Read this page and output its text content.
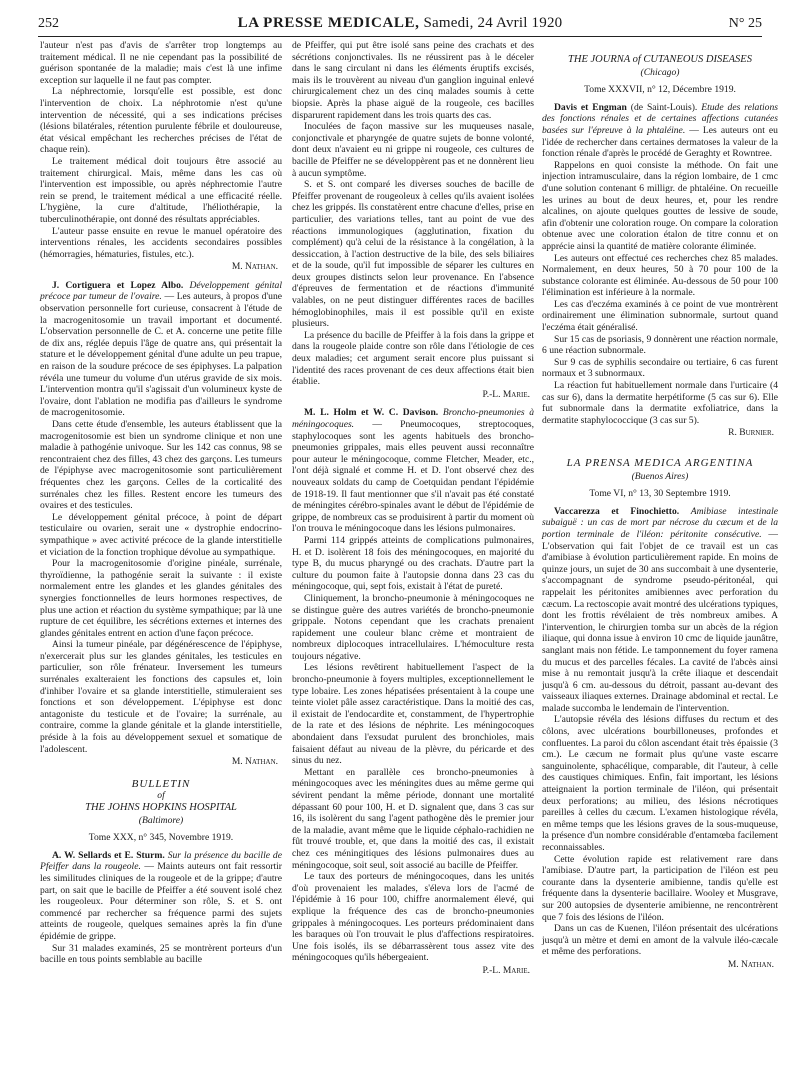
252	LA PRESSE MEDICALE, Samedi, 24 Avril 1920	N° 25

l'auteur n'est pas d'avis de s'arrêter trop longtemps au traitement médical. Il ne nie cependant pas la possibilité de guérison spontanée de la maladie; mais c'est là une infime exception sur laquelle il ne faut pas compter.

La néphrectomie, lorsqu'elle est possible, est donc l'intervention de choix. La néphrotomie n'est qu'une intervention de nécessité, qui a ses indications précises (lésions bilatérales, rétention purulente fébrile et douloureuse, état vésical empêchant les recherches précises de l'état de chaque rein).

Le traitement médical doit toujours être associé au traitement chirurgical. Mais, même dans les cas où l'intervention est impossible, ou après néphrectomie l'autre rein se prend, le traitement médical a une efficacité réelle. L'hygiène, la cure d'altitude, l'héliothérapie, la tuberculinothérapie, ont donné des résultats appréciables.

L'auteur passe ensuite en revue le manuel opératoire des interventions rénales, les accidents secondaires possibles (hémorragies, hématuries, fistules, etc.).

M. Nathan.

J. Cortiguera et Lopez Albo. Développement génital précoce par tumeur de l'ovaire. — Les auteurs, à propos d'une observation personnelle fort curieuse, consacrent à l'étude de la macrogenitosomie un travail important et documenté. L'observation personnelle de C. et A. concerne une petite fille de dix ans, réglée depuis l'âge de quatre ans, qui présentait la stature et le développement génital d'une adulte un peu trapue, en raison de la soudure précoce de ses épiphyses. La palpation révéla une tumeur du volume d'un utérus gravide de six mois. L'intervention montra qu'il s'agissait d'un volumineux kyste de l'ovaire, dont l'ablation ne modifia pas d'ailleurs le syndrome de macrogenitosomie.

Dans cette étude d'ensemble, les auteurs établissent que la macrogenitosomie est bien un syndrome clinique et non une maladie à pathogénie univoque. Sur les 142 cas connus, 98 se rencontraient chez des filles, 43 chez des garçons. Les tumeurs de l'épiphyse avec macrogenitosomie sont particulièrement fréquentes chez les garçons. Celles de la corticalité des surrénales chez les filles. Restent encore les tumeurs des ovaires et des testicules.

Le développement génital précoce, à point de départ testiculaire ou ovarien, serait une « dystrophie endocrino-sympathique » avec activité précoce de la glande interstitielle et viciation de la fonction trophique dévolue au sympathique.

Pour la macrogenitosomie d'origine pinéale, surrénale, thyroïdienne, la pathogénie serait la suivante : il existe normalement entre les glandes et les glandes génitales des synergies fonctionnelles de leurs hormones respectives, de plus une action et réaction du système sympathique; par là une rupture de cet équilibre, les sécrétions externes et internes des glandes génitales entrent en action d'une façon précoce.

Ainsi la tumeur pinéale, par dégénérescence de l'épiphyse, n'exercerait plus sur les glandes génitales, les testicules en particulier, son rôle frénateur. Inversement les tumeurs surrénales exalteraient les fonctions des capsules et, loin d'inhiber l'ovaire et sa glande interstitielle, stimuleraient ses fonctions et son développement. L'épiphyse est donc antagoniste du testicule et de l'ovaire; la surrénale, au contraire, comme la glande génitale et la glande interstitielle, préside à la fois au développement sexuel et somatique de l'adolescent.

M. Nathan.
BULLETIN
of
THE JOHNS HOPKINS HOSPITAL
(Baltimore)
Tome XXX, n° 345, Novembre 1919.

A. W. Sellards et E. Sturm. Sur la présence du bacille de Pfeiffer dans la rougeole. — Maints auteurs ont fait ressortir les similitudes cliniques de la rougeole et de la grippe; d'autre part, on sait que le bacille de Pfeiffer a été souvent isolé chez les rougeoleux. Pour déterminer son rôle, S. et S. ont commencé par rechercher sa fréquence parmi des sujets atteints de rougeole, quelques semaines après la fin d'une épidémie de grippe.

Sur 31 malades examinés, 25 se montrèrent porteurs d'un bacille en tous points semblable au bacille

de Pfeiffer, qui put être isolé sans peine des crachats et des sécrétions conjonctivales. Ils ne réussirent pas à le déceler dans le sang circulant ni dans les éléments éruptifs excisés, mais ils le trouvèrent au niveau d'un ganglion inguinal enlevé chirurgicalement chez un des cinq malades soumis à cette biopsie. Après la phase aiguë de la rougeole, ces bacilles disparurent rapidement dans les trois quarts des cas.

Inoculées de façon massive sur les muqueuses nasale, conjonctivale et pharyngée de quatre sujets de bonne volonté, dont deux n'avaient eu ni grippe ni rougeole, ces cultures de bacille de Pfeiffer ne se développèrent pas et ne donnèrent lieu à aucun symptôme.

S. et S. ont comparé les diverses souches de bacille de Pfeiffer provenant de rougeoleux à celles qu'ils avaient isolées chez les grippés. Ils constatèrent entre chacune d'elles, prise en particulier, des variations telles, tant au point de vue des réactions immunologiques (agglutination, fixation du complément) qu'à celui de la résistance à la congélation, à la dessiccation, à l'action destructive de la bile, des sels biliaires et de la soude, qu'il fut impossible de séparer les cultures en deux groupes distincts selon leur provenance. En l'absence d'épreuves de fermentation et de réactions d'immunité valables, on ne peut distinguer différentes races de bacilles hémoglobinophiles, mais il est possible qu'il en existe plusieurs.

La présence du bacille de Pfeiffer à la fois dans la grippe et dans la rougeole plaide contre son rôle dans l'étiologie de ces deux maladies; cet argument serait encore plus puissant si l'identité des races provenant de ces deux affections était bien établie.

P.-L. Marie.

M. L. Holm et W. C. Davison. Broncho-pneumonies à méningocoques. — Pneumocoques, streptocoques, staphylocoques sont les agents habituels des broncho-pneumonies grippales, mais elles peuvent aussi reconnaître pour auteur le méningocoque, comme Fletcher, Meader, etc., l'ont déjà signalé et comme H. et D. l'ont observé chez des nouveaux soldats du camp de Coetquidan pendant l'épidémie de 1918-19. Il faut mentionner que s'il n'avait pas été constaté de méningites cérébro-spinales avant le début de l'épidémie de grippe, de nombreux cas se produisirent à partir du moment où l'on trouva le méningocoque dans les lésions pulmonaires.

Parmi 114 grippés atteints de complications pulmonaires, H. et D. isolèrent 18 fois des méningocoques, en majorité du type B, du mucus pharyngé ou des crachats. D'autre part la culture du poumon faite à l'autopsie donna dans 23 cas du méningocoque, qui, sept fois, existait à l'état de pureté.

Cliniquement, la broncho-pneumonie à méningocoques ne se distingue guère des autres variétés de broncho-pneumonie grippale. Notons cependant que les crachats prenaient rapidement une couleur blanc crème et montraient de nombreux diplocoques intracellulaires. L'hémoculture resta toujours négative.

Les lésions revêtirent habituellement l'aspect de la broncho-pneumonie à foyers multiples, exceptionnellement le type lobaire. Les zones hépatisées présentaient à la coupe une teinte violet pâle assez caractéristique. Dans la moitié des cas, il existait de l'endocardite et, constamment, de l'hypertrophie de la rate et des lésions de néphrite. Les méningocoques abondaient dans l'exsudat purulent des bronchioles, mais faisaient défaut au niveau de la plèvre, du péricarde et des sinus du nez.

Mettant en parallèle ces broncho-pneumonies à méningocoques avec les méningites dues au même germe qui sévirent pendant la même période, donnant une mortalité dépassant 60 pour 100, H. et D. signalent que, dans 3 cas sur 16, ils isolèrent du sang l'agent pathogène dès le premier jour de la maladie, avant même que le liquide céphalo-rachidien ne fût trouvé trouble, et, que dans la moitié des cas, il existait chez ces méningitiques des lésions pulmonaires dues au méningocoque, soit seul, soit associé au bacille de Pfeiffer.

Le taux des porteurs de méningocoques, dans les unités d'où provenaient les malades, s'éleva lors de l'acmé de l'épidémie à 16 pour 100, chiffre anormalement élevé, qui explique la fréquence des cas de broncho-pneumonies grippales à méningocoques. Les porteurs prédominaient dans les baraques où l'on trouvait le plus d'affections respiratoires. Une fois isolés, ils se débarrassèrent tous assez vite des méningocoques qu'ils hébergeaient.

P.-L. Marie.
THE JOURNA of CUTANEOUS DISEASES
(Chicago)
Tome XXXVII, n° 12, Décembre 1919.

Davis et Engman (de Saint-Louis). Etude des relations des fonctions rénales et de certaines affections cutanées basées sur l'épreuve à la phtaléine. — Les auteurs ont eu l'idée de rechercher dans certaines dermatoses la valeur de la fonction rénale d'après le procédé de Geraghty et Rowntree.

Rappelons en quoi consiste la méthode. On fait une injection intramusculaire, dans la région lombaire, de 1 cmc d'une solution contenant 6 milligr. de phtaléine. On recueille les urines au bout de deux heures, et, pour les rendre alcalines, on ajoute quelques gouttes de lessive de soude, afin d'obtenir une coloration rouge. On compare la coloration obtenue avec une coloration étalon de titre connu et on apprécie ainsi la quantité de matière colorante éliminée.

Les auteurs ont effectué ces recherches chez 85 malades. Normalement, en deux heures, 50 à 70 pour 100 de la substance colorante est éliminée. Au-dessous de 50 pour 100 l'élimination est inférieure à la normale.

Les cas d'eczéma examinés à ce point de vue montrèrent ordinairement une élimination subnormale, surtout quand l'eczéma était généralisé.

Sur 15 cas de psoriasis, 9 donnèrent une réaction normale, 6 une réaction subnormale.

Sur 9 cas de syphilis secondaire ou tertiaire, 6 cas furent normaux et 3 subnormaux.

La réaction fut habituellement normale dans l'urticaire (4 cas sur 6), dans la dermatite herpétiforme (5 cas sur 6). Elle fut subnormale dans la dermatite exfoliatrice, dans la dermatite staphylococcique (3 cas sur 5).

R. Burnier.
LA PRENSA MEDICA ARGENTINA
(Buenos Aires)
Tome VI, n° 13, 30 Septembre 1919.

Vaccarezza et Finochietto. Amibiase intestinale subaiguë : un cas de mort par nécrose du cæcum et de la portion terminale de l'iléon: péritonite consécutive. — L'observation qui fait l'objet de ce travail est un cas d'amibiase à évolution particulièrement rapide. En moins de quinze jours, un sujet de 30 ans succombait à une dysenterie, s'accompagnant de syndrome pseudo-péritonéal, qui rappelait les péritonites amibiennes avec perforation du cæcum. La rectoscopie avait montré des ulcérations typiques, dont les frottis révélaient de très nombreux amibes. A l'intervention, le chirurgien tomba sur un abcès de la région iliaque, qui donna issue à environ 10 cmc de liquide jaunâtre, sanglant mais non fétide. Le tamponnement du foyer ramena du mucus et des parcelles fécales. La cavité de l'abcès ainsi mise à nu remontait jusqu'à la crête iliaque et descendait jusqu'à 6 cm. au-dessous du détroit, passant au-devant des vaisseaux iliaques externes. Drainage abdominal et rectal. Le malade succomba le lendemain de l'intervention.

L'autopsie révéla des lésions diffuses du rectum et des côlons, avec ulcérations bourbilloneuses, profondes et confluentes. La paroi du côlon ascendant était très épaissie (3 cm.). Le cæcum ne formait plus qu'une vaste escarre sanguinolente, sphacélique, comparable, dit l'auteur, à celle des caustiques chimiques. Enfin, fait important, les lésions atteignaient la portion terminale de l'iléon, qui présentait deux perforations; au milieu, des lésions nécrotiques pareilles à celles du cæcum. L'examen histologique révéla, en même temps que les lésions graves de la sous-muqueuse, la présence d'un nombre considérable d'entamœba facilement reconnaissables.

Cette évolution rapide est relativement rare dans l'amibiase. D'autre part, la participation de l'iléon est peu courante dans la dysenterie amibienne, tandis qu'elle est fréquente dans la dysenterie bacillaire. Wooley et Musgrave, sur 200 autopsies de dysenterie amibienne, ne rencontrèrent que 7 fois des lésions de l'iléon.

Dans un cas de Kuenen, l'iléon présentait des ulcérations jusqu'à un mètre et demi en amont de la valvule iléo-cæcale et même des perforations.

M. Nathan.
